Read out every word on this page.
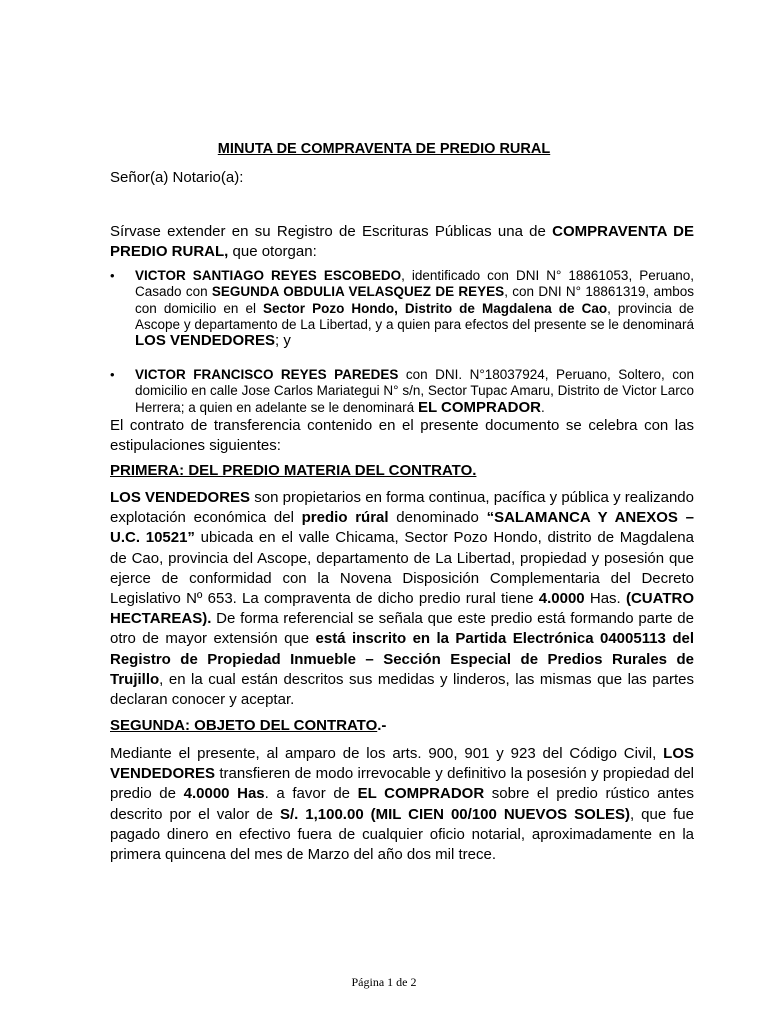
MINUTA DE COMPRAVENTA DE PREDIO RURAL
Señor(a) Notario(a):
Sírvase extender en su Registro de Escrituras Públicas una de COMPRAVENTA DE PREDIO RURAL, que otorgan:
• VICTOR SANTIAGO REYES ESCOBEDO, identificado con DNI N° 18861053, Peruano, Casado con SEGUNDA OBDULIA VELASQUEZ DE REYES, con DNI N° 18861319, ambos con domicilio en el Sector Pozo Hondo, Distrito de Magdalena de Cao, provincia de Ascope y departamento de La Libertad, y a quien para efectos del presente se le denominará LOS VENDEDORES; y
• VICTOR FRANCISCO REYES PAREDES con DNI. N°18037924, Peruano, Soltero, con domicilio en calle Jose Carlos Mariategui N° s/n, Sector Tupac Amaru, Distrito de Victor Larco Herrera; a quien en adelante se le denominará EL COMPRADOR.
El contrato de transferencia contenido en el presente documento se celebra con las estipulaciones siguientes:
PRIMERA: DEL PREDIO MATERIA DEL CONTRATO.
LOS VENDEDORES son propietarios en forma continua, pacífica y pública y realizando explotación económica del predio rúral denominado “SALAMANCA Y ANEXOS – U.C. 10521” ubicada en el valle Chicama, Sector Pozo Hondo, distrito de Magdalena de Cao, provincia del Ascope, departamento de La Libertad, propiedad y posesión que ejerce de conformidad con la Novena Disposición Complementaria del Decreto Legislativo Nº 653. La compraventa de dicho predio rural tiene 4.0000 Has. (CUATRO HECTAREAS). De forma referencial se señala que este predio está formando parte de otro de mayor extensión que está inscrito en la Partida Electrónica 04005113 del Registro de Propiedad Inmueble – Sección Especial de Predios Rurales de Trujillo, en la cual están descritos sus medidas y linderos, las mismas que las partes declaran conocer y aceptar.
SEGUNDA: OBJETO DEL CONTRATO.-
Mediante el presente, al amparo de los arts. 900, 901 y 923 del Código Civil, LOS VENDEDORES transfieren de modo irrevocable y definitivo la posesión y propiedad del predio de 4.0000 Has. a favor de EL COMPRADOR sobre el predio rústico antes descrito por el valor de S/. 1,100.00 (MIL CIEN 00/100 NUEVOS SOLES), que fue pagado dinero en efectivo fuera de cualquier oficio notarial, aproximadamente en la primera quincena del mes de Marzo del año dos mil trece.
Página 1 de 2
